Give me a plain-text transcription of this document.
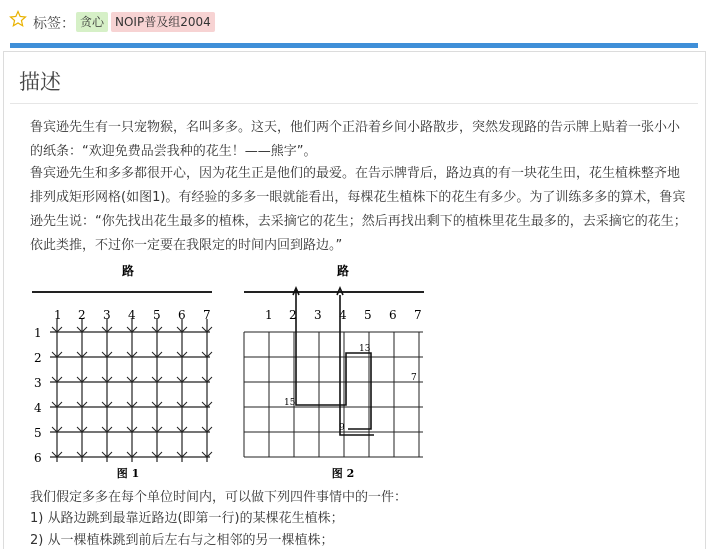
标签： 贪心 NOIP普及组2004
描述
鲁宾逊先生有一只宠物猴，名叫多多。这天，他们两个正沿着乡间小路散步，突然发现路的告示牌上贴着一张小小的纸条：“欢迎免费品尝我种的花生！——熊字”。
鲁宾逊先生和多多都很开心，因为花生正是他们的最爱。在告示牌背后，路边真的有一块花生田，花生植株整齐地排列成矩形网格(如图1)。有经验的多多一眼就能看出，每棵花生植株下的花生有多少。为了训练多多的算术，鲁宾逊先生说：“你先找出花生最多的植株，去采摘它的花生；然后再找出剩下的植株里花生最多的，去采摘它的花生；依此类推，不过你一定要在我限定的时间内回到路边。”
路
1 2 3 4 5 6 7
1
2
3
4
5
6
图 1
路
1 2 3 4 5 6 7
15
13
7
9
图 2
我们假定多多在每个单位时间内，可以做下列四件事情中的一件：
1) 从路边跳到最靠近路边(即第一行)的某棵花生植株；
2) 从一棵植株跳到前后左右与之相邻的另一棵植株；
